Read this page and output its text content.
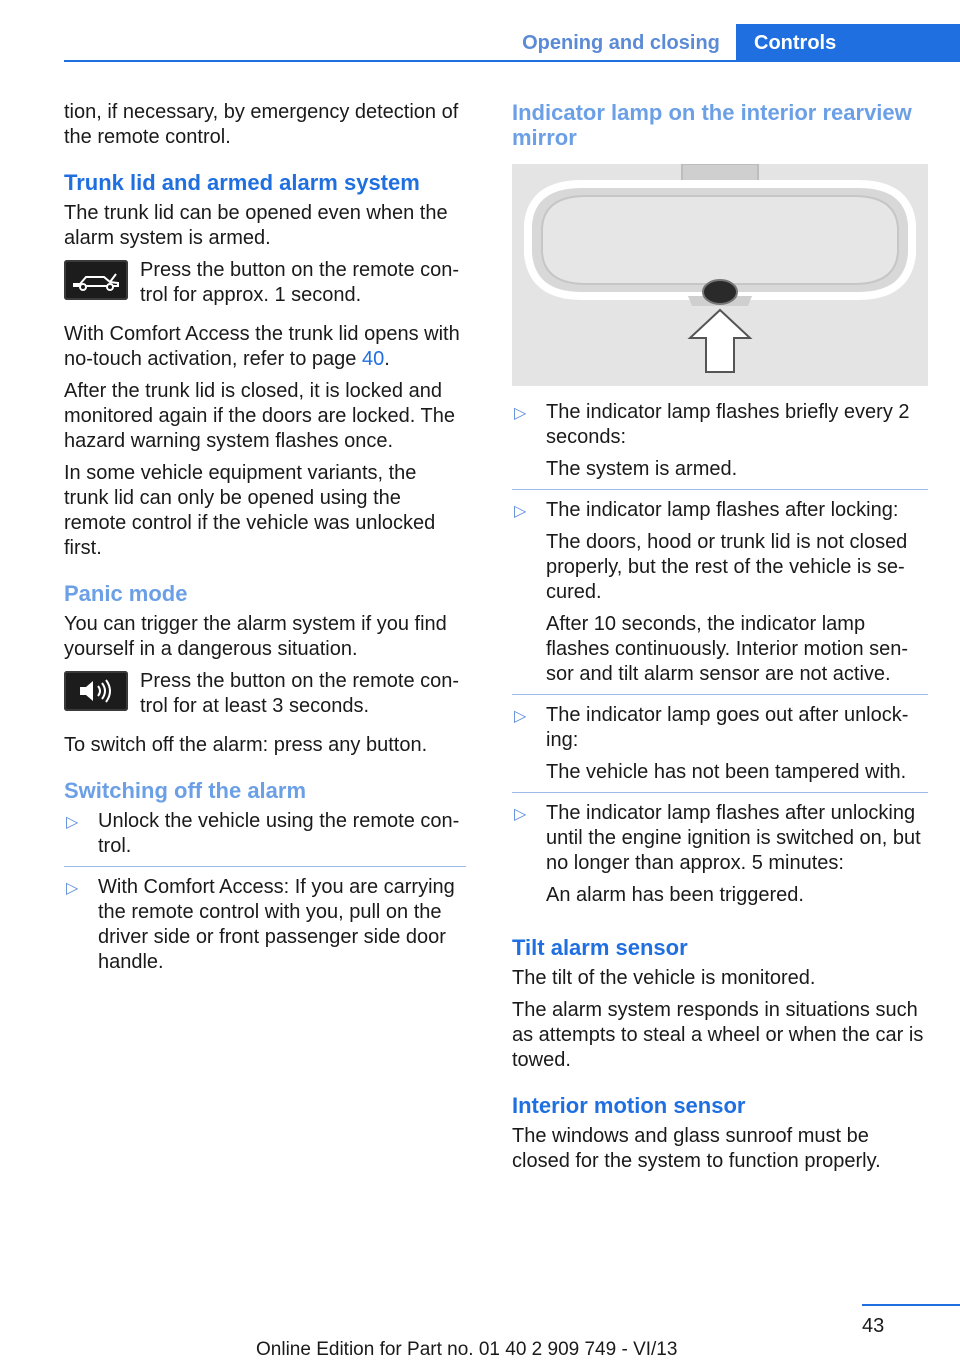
Opening and closing	Controls

tion, if necessary, by emergency detection of the remote control.

Trunk lid and armed alarm system

The trunk lid can be opened even when the alarm system is armed.

Press the button on the remote control for approx. 1 second.

With Comfort Access the trunk lid opens with no-touch activation, refer to page 40.

After the trunk lid is closed, it is locked and monitored again if the doors are locked. The hazard warning system flashes once.

In some vehicle equipment variants, the trunk lid can only be opened using the remote control if the vehicle was unlocked first.

Panic mode

You can trigger the alarm system if you find yourself in a dangerous situation.

Press the button on the remote control for at least 3 seconds.

To switch off the alarm: press any button.

Switching off the alarm
▷ Unlock the vehicle using the remote control.

▷ With Comfort Access: If you are carrying the remote control with you, pull on the driver side or front passenger side door handle.

Indicator lamp on the interior rearview mirror
▷ The indicator lamp flashes briefly every 2 seconds:

The system is armed.

▷ The indicator lamp flashes after locking:

The doors, hood or trunk lid is not closed properly, but the rest of the vehicle is secured.

After 10 seconds, the indicator lamp flashes continuously. Interior motion sensor and tilt alarm sensor are not active.

▷ The indicator lamp goes out after unlocking:

The vehicle has not been tampered with.

▷ The indicator lamp flashes after unlocking until the engine ignition is switched on, but no longer than approx. 5 minutes:

An alarm has been triggered.

Tilt alarm sensor

The tilt of the vehicle is monitored.

The alarm system responds in situations such as attempts to steal a wheel or when the car is towed.

Interior motion sensor

The windows and glass sunroof must be closed for the system to function properly.

43
Online Edition for Part no. 01 40 2 909 749 - VI/13
